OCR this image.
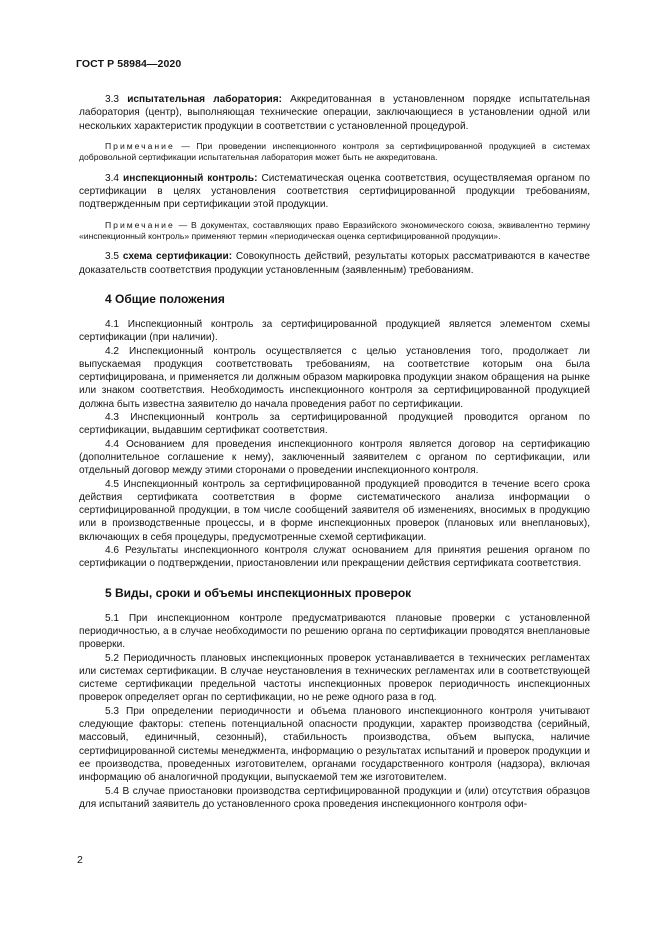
ГОСТ Р 58984—2020

3.3 испытательная лаборатория: Аккредитованная в установленном порядке испытательная лаборатория (центр), выполняющая технические операции, заключающиеся в установлении одной или нескольких характеристик продукции в соответствии с установленной процедурой.

Примечание — При проведении инспекционного контроля за сертифицированной продукцией в системах добровольной сертификации испытательная лаборатория может быть не аккредитована.

3.4 инспекционный контроль: Систематическая оценка соответствия, осуществляемая органом по сертификации в целях установления соответствия сертифицированной продукции требованиям, подтвержденным при сертификации этой продукции.

Примечание — В документах, составляющих право Евразийского экономического союза, эквивалентно термину «инспекционный контроль» применяют термин «периодическая оценка сертифицированной продукции».

3.5 схема сертификации: Совокупность действий, результаты которых рассматриваются в качестве доказательств соответствия продукции установленным (заявленным) требованиям.

4 Общие положения

4.1 Инспекционный контроль за сертифицированной продукцией является элементом схемы сертификации (при наличии).

4.2 Инспекционный контроль осуществляется с целью установления того, продолжает ли выпускаемая продукция соответствовать требованиям, на соответствие которым она была сертифицирована, и применяется ли должным образом маркировка продукции знаком обращения на рынке или знаком соответствия. Необходимость инспекционного контроля за сертифицированной продукцией должна быть известна заявителю до начала проведения работ по сертификации.

4.3 Инспекционный контроль за сертифицированной продукцией проводится органом по сертификации, выдавшим сертификат соответствия.

4.4 Основанием для проведения инспекционного контроля является договор на сертификацию (дополнительное соглашение к нему), заключенный заявителем с органом по сертификации, или отдельный договор между этими сторонами о проведении инспекционного контроля.

4.5 Инспекционный контроль за сертифицированной продукцией проводится в течение всего срока действия сертификата соответствия в форме систематического анализа информации о сертифицированной продукции, в том числе сообщений заявителя об изменениях, вносимых в продукцию или в производственные процессы, и в форме инспекционных проверок (плановых или внеплановых), включающих в себя процедуры, предусмотренные схемой сертификации.

4.6 Результаты инспекционного контроля служат основанием для принятия решения органом по сертификации о подтверждении, приостановлении или прекращении действия сертификата соответствия.

5 Виды, сроки и объемы инспекционных проверок

5.1 При инспекционном контроле предусматриваются плановые проверки с установленной периодичностью, а в случае необходимости по решению органа по сертификации проводятся внеплановые проверки.

5.2 Периодичность плановых инспекционных проверок устанавливается в технических регламентах или системах сертификации. В случае неустановления в технических регламентах или в соответствующей системе сертификации предельной частоты инспекционных проверок периодичность инспекционных проверок определяет орган по сертификации, но не реже одного раза в год.

5.3 При определении периодичности и объема планового инспекционного контроля учитывают следующие факторы: степень потенциальной опасности продукции, характер производства (серийный, массовый, единичный, сезонный), стабильность производства, объем выпуска, наличие сертифицированной системы менеджмента, информацию о результатах испытаний и проверок продукции и ее производства, проведенных изготовителем, органами государственного контроля (надзора), включая информацию об аналогичной продукции, выпускаемой тем же изготовителем.

5.4 В случае приостановки производства сертифицированной продукции и (или) отсутствия образцов для испытаний заявитель до установленного срока проведения инспекционного контроля офи-

2
